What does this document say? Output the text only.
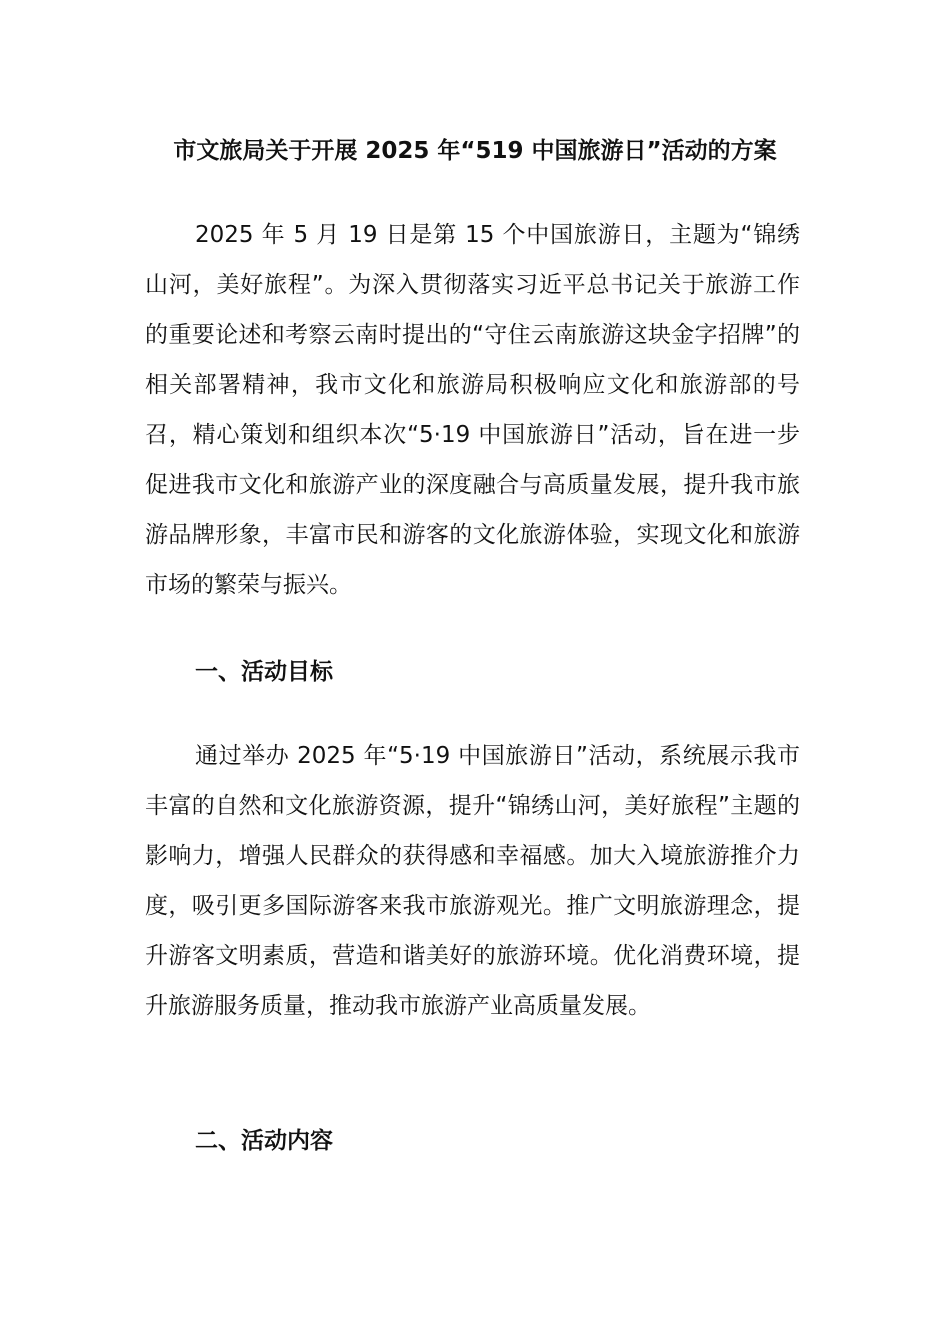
市文旅局关于开展 2025 年“519 中国旅游日”活动的方案

2025 年 5 月 19 日是第 15 个中国旅游日，主题为“锦绣山河，美好旅程”。为深入贯彻落实习近平总书记关于旅游工作的重要论述和考察云南时提出的“守住云南旅游这块金字招牌”的相关部署精神，我市文化和旅游局积极响应文化和旅游部的号召，精心策划和组织本次“5·19 中国旅游日”活动，旨在进一步促进我市文化和旅游产业的深度融合与高质量发展，提升我市旅游品牌形象，丰富市民和游客的文化旅游体验，实现文化和旅游市场的繁荣与振兴。

一、活动目标

通过举办 2025 年“5·19 中国旅游日”活动，系统展示我市丰富的自然和文化旅游资源，提升“锦绣山河，美好旅程”主题的影响力，增强人民群众的获得感和幸福感。加大入境旅游推介力度，吸引更多国际游客来我市旅游观光。推广文明旅游理念，提升游客文明素质，营造和谐美好的旅游环境。优化消费环境，提升旅游服务质量，推动我市旅游产业高质量发展。

二、活动内容
